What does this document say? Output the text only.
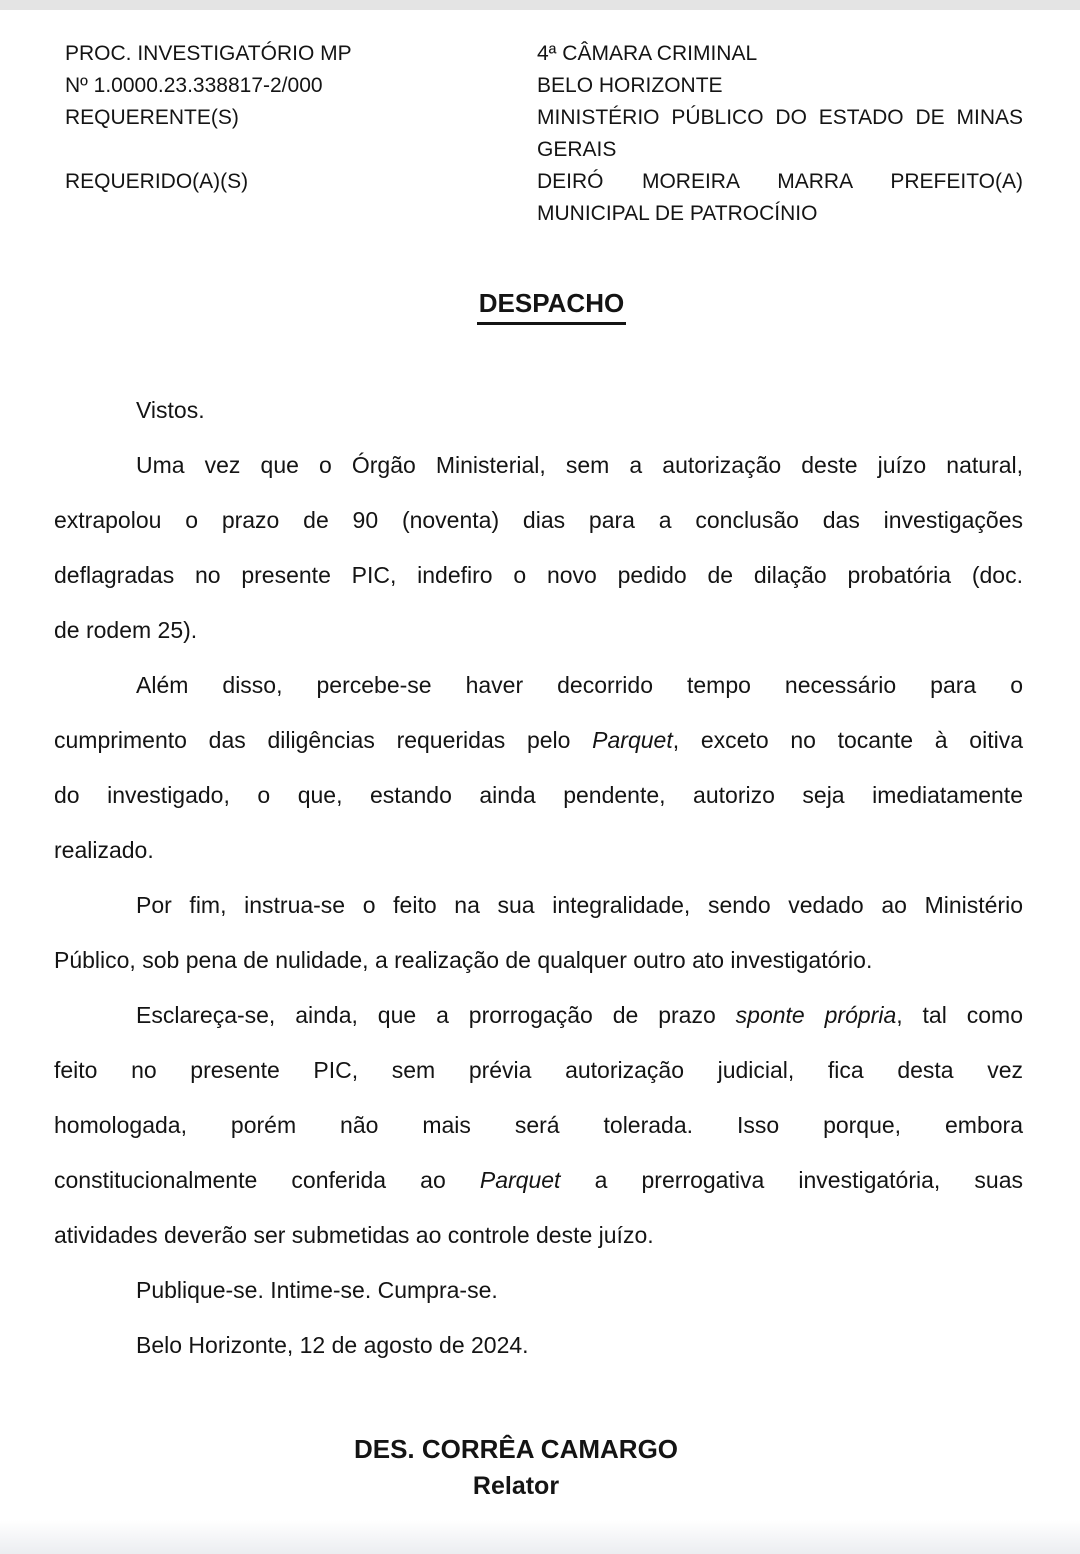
PROC. INVESTIGATÓRIO MP
Nº 1.0000.23.338817-2/000
REQUERENTE(S)

REQUERIDO(A)(S)
4ª CÂMARA CRIMINAL
BELO HORIZONTE
MINISTÉRIO PÚBLICO DO ESTADO DE MINAS
GERAIS
DEIRÓ MOREIRA MARRA PREFEITO(A)
MUNICIPAL DE PATROCÍNIO
DESPACHO
Vistos.
Uma vez que o Órgão Ministerial, sem a autorização deste juízo natural,
extrapolou o prazo de 90 (noventa) dias para a conclusão das investigações
deflagradas no presente PIC, indefiro o novo pedido de dilação probatória (doc.
de rodem 25).
Além disso, percebe-se haver decorrido tempo necessário para o
cumprimento das diligências requeridas pelo Parquet, exceto no tocante à oitiva
do investigado, o que, estando ainda pendente, autorizo seja imediatamente
realizado.
Por fim, instrua-se o feito na sua integralidade, sendo vedado ao Ministério
Público, sob pena de nulidade, a realização de qualquer outro ato investigatório.
Esclareça-se, ainda, que a prorrogação de prazo sponte própria, tal como
feito no presente PIC, sem prévia autorização judicial, fica desta vez
homologada, porém não mais será tolerada. Isso porque, embora
constitucionalmente conferida ao Parquet a prerrogativa investigatória, suas
atividades deverão ser submetidas ao controle deste juízo.
Publique-se. Intime-se. Cumpra-se.
Belo Horizonte, 12 de agosto de 2024.
DES. CORRÊA CAMARGO
Relator
